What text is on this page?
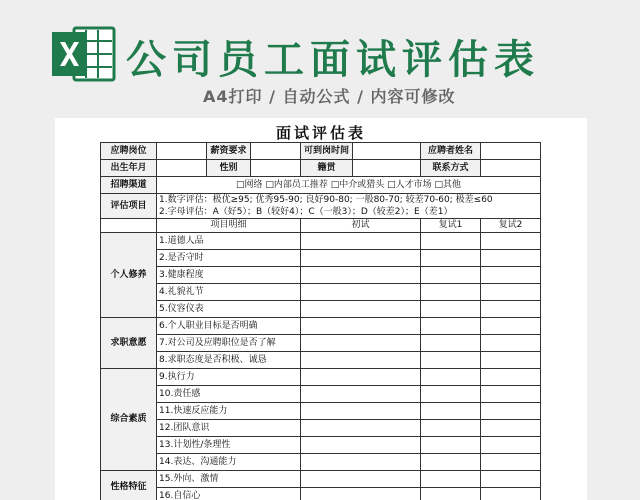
公司员工面试评估表
A4打印 / 自动公式 / 内容可修改
面试评估表
应聘岗位		薪资要求		可到岗时间		应聘者姓名	
出生年月		性别		籍贯		联系方式	
招聘渠道	□网络 □内部员工推荐 □中介或猎头 □人才市场 □其他						
评估项目	1.数字评估：极优≥95; 优秀95-90; 良好90-80; 一般80-70; 较差70-60; 极差≤60						
	2.字母评估：A（好5）；B（较好4）；C（一般3）；D（较差2）；E（差1）						
	项目明细			初试		复试1	复试2
个人修养	1.道德人品						
	2.是否守时						
	3.健康程度						
	4.礼貌礼节						
	5.仪容仪表						
求职意愿	6.个人职业目标是否明确						
	7.对公司及应聘职位是否了解						
	8.求职态度是否积极、诚恳						
综合素质	9.执行力						
	10.责任感						
	11.快速反应能力						
	12.团队意识						
	13.计划性/条理性						
	14.表达、沟通能力						
性格特征	15.外向、激情						
	16.自信心						
